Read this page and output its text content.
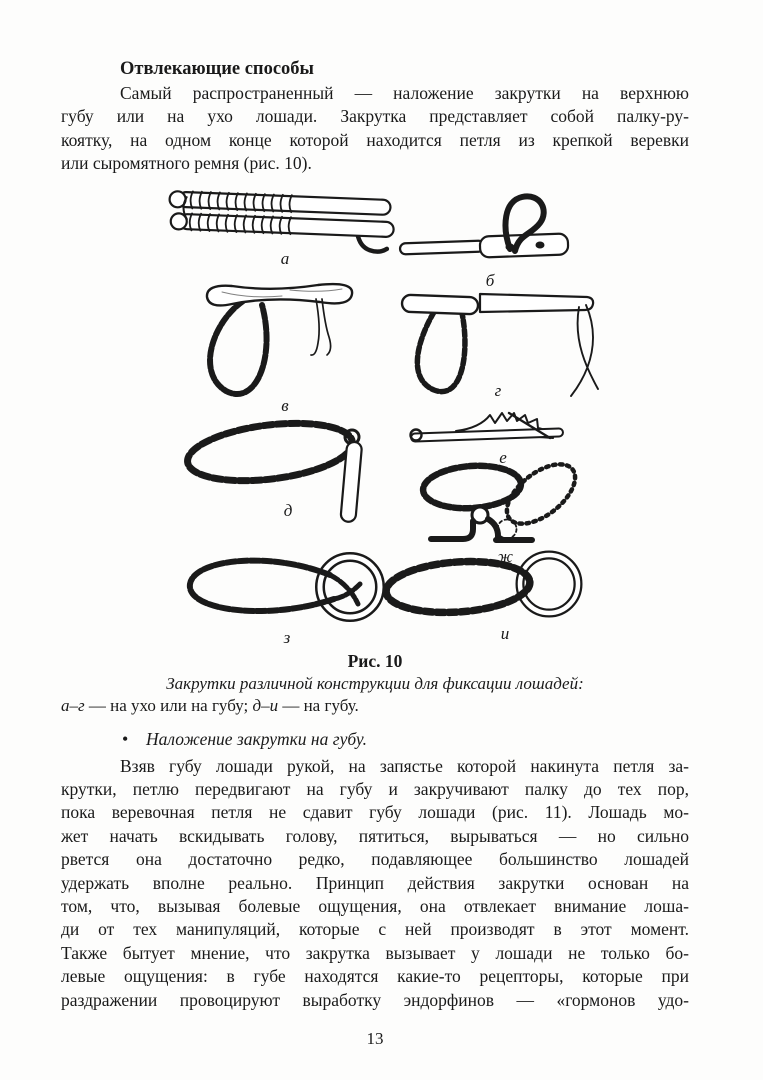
Отвлекающие способы
Самый распространенный — наложение закрутки на верхнюю
губу или на ухо лошади. Закрутка представляет собой палку-ру-
коятку, на одном конце которой находится петля из крепкой веревки
или сыромятного ремня (рис. 10).
а
б
в
г
д
е
ж
з	и
Рис. 10
Закрутки различной конструкции для фиксации лошадей:
а–г — на ухо или на губу; д–и — на губу.
• Наложение закрутки на губу.
Взяв губу лошади рукой, на запястье которой накинута петля за-
крутки, петлю передвигают на губу и закручивают палку до тех пор,
пока веревочная петля не сдавит губу лошади (рис. 11). Лошадь мо-
жет начать вскидывать голову, пятиться, вырываться — но сильно
рвется она достаточно редко, подавляющее большинство лошадей
удержать вполне реально. Принцип действия закрутки основан на
том, что, вызывая болевые ощущения, она отвлекает внимание лоша-
ди от тех манипуляций, которые с ней производят в этот момент.
Также бытует мнение, что закрутка вызывает у лошади не только бо-
левые ощущения: в губе находятся какие-то рецепторы, которые при
раздражении провоцируют выработку эндорфинов — «гормонов удо-
13
